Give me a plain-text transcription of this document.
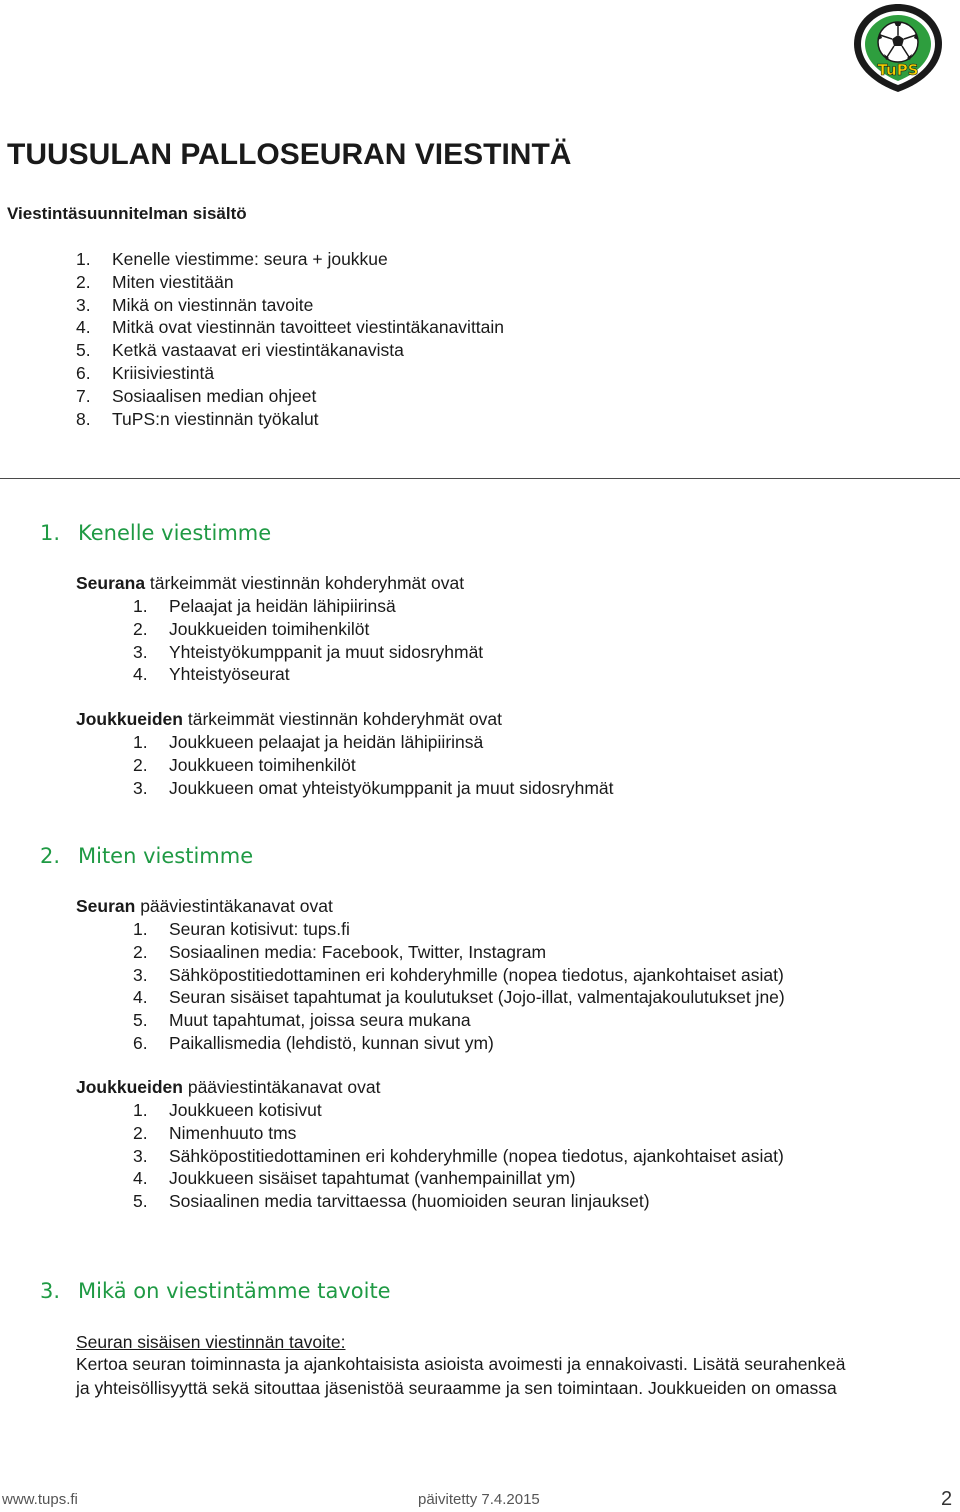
TuPS
TUUSULAN PALLOSEURAN VIESTINTÄ
Viestintäsuunnitelman sisältö
1. Kenelle viestimme: seura + joukkue
2. Miten viestitään
3. Mikä on viestinnän tavoite
4. Mitkä ovat viestinnän tavoitteet viestintäkanavittain
5. Ketkä vastaavat eri viestintäkanavista
6. Kriisiviestintä
7. Sosiaalisen median ohjeet
8. TuPS:n viestinnän työkalut
1. Kenelle viestimme
Seurana tärkeimmät viestinnän kohderyhmät ovat
1. Pelaajat ja heidän lähipiirinsä
2. Joukkueiden toimihenkilöt
3. Yhteistyökumppanit ja muut sidosryhmät
4. Yhteistyöseurat
Joukkueiden tärkeimmät viestinnän kohderyhmät ovat
1. Joukkueen pelaajat ja heidän lähipiirinsä
2. Joukkueen toimihenkilöt
3. Joukkueen omat yhteistyökumppanit ja muut sidosryhmät
2. Miten viestimme
Seuran pääviestintäkanavat ovat
1. Seuran kotisivut: tups.fi
2. Sosiaalinen media: Facebook, Twitter, Instagram
3. Sähköpostitiedottaminen eri kohderyhmille (nopea tiedotus, ajankohtaiset asiat)
4. Seuran sisäiset tapahtumat ja koulutukset (Jojo-illat, valmentajakoulutukset jne)
5. Muut tapahtumat, joissa seura mukana
6. Paikallismedia (lehdistö, kunnan sivut ym)
Joukkueiden pääviestintäkanavat ovat
1. Joukkueen kotisivut
2. Nimenhuuto tms
3. Sähköpostitiedottaminen eri kohderyhmille (nopea tiedotus, ajankohtaiset asiat)
4. Joukkueen sisäiset tapahtumat (vanhempainillat ym)
5. Sosiaalinen media tarvittaessa (huomioiden seuran linjaukset)
3. Mikä on viestintämme tavoite
Seuran sisäisen viestinnän tavoite:
Kertoa seuran toiminnasta ja ajankohtaisista asioista avoimesti ja ennakoivasti. Lisätä seurahenkeä
ja yhteisöllisyyttä sekä sitouttaa jäsenistöä seuraamme ja sen toimintaan. Joukkueiden on omassa
www.tups.fi	päivitetty 7.4.2015	2
